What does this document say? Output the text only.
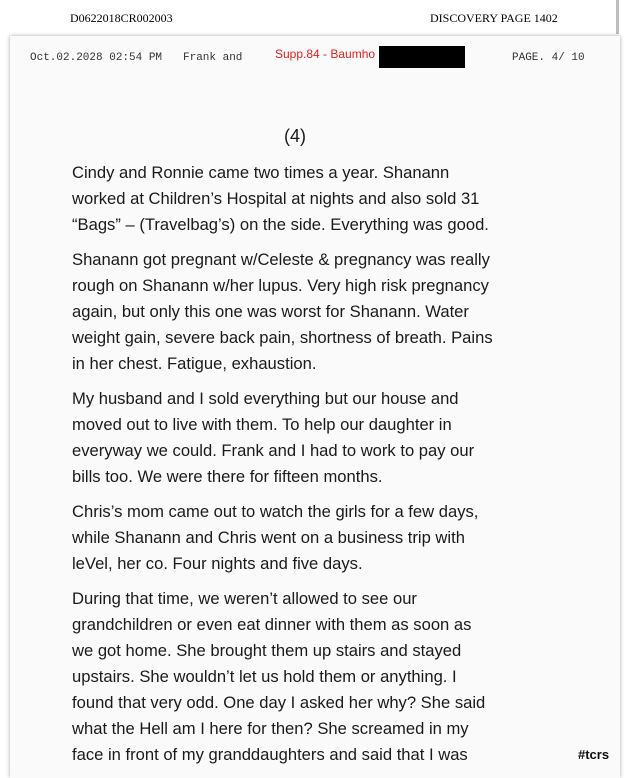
D0622018CR002003	DISCOVERY PAGE 1402
Oct.02.2028 02:54 PM Frank and	Supp.84 - Baumho	PAGE. 4/ 10
(4)

Cindy and Ronnie came two times a year. Shanann
worked at Children’s Hospital at nights and also sold 31
“Bags” – (Travelbag’s) on the side. Everything was good.

Shanann got pregnant w/Celeste & pregnancy was really
rough on Shanann w/her lupus. Very high risk pregnancy
again, but only this one was worst for Shanann. Water
weight gain, severe back pain, shortness of breath. Pains
in her chest. Fatigue, exhaustion.

My husband and I sold everything but our house and
moved out to live with them. To help our daughter in
everyway we could. Frank and I had to work to pay our
bills too. We were there for fifteen months.

Chris’s mom came out to watch the girls for a few days,
while Shanann and Chris went on a business trip with
leVel, her co. Four nights and five days.

During that time, we weren’t allowed to see our
grandchildren or even eat dinner with them as soon as
we got home. She brought them up stairs and stayed
upstairs. She wouldn’t let us hold them or anything. I
found that very odd. One day I asked her why? She said
what the Hell am I here for then? She screamed in my
face in front of my granddaughters and said that I was	#tcrs
